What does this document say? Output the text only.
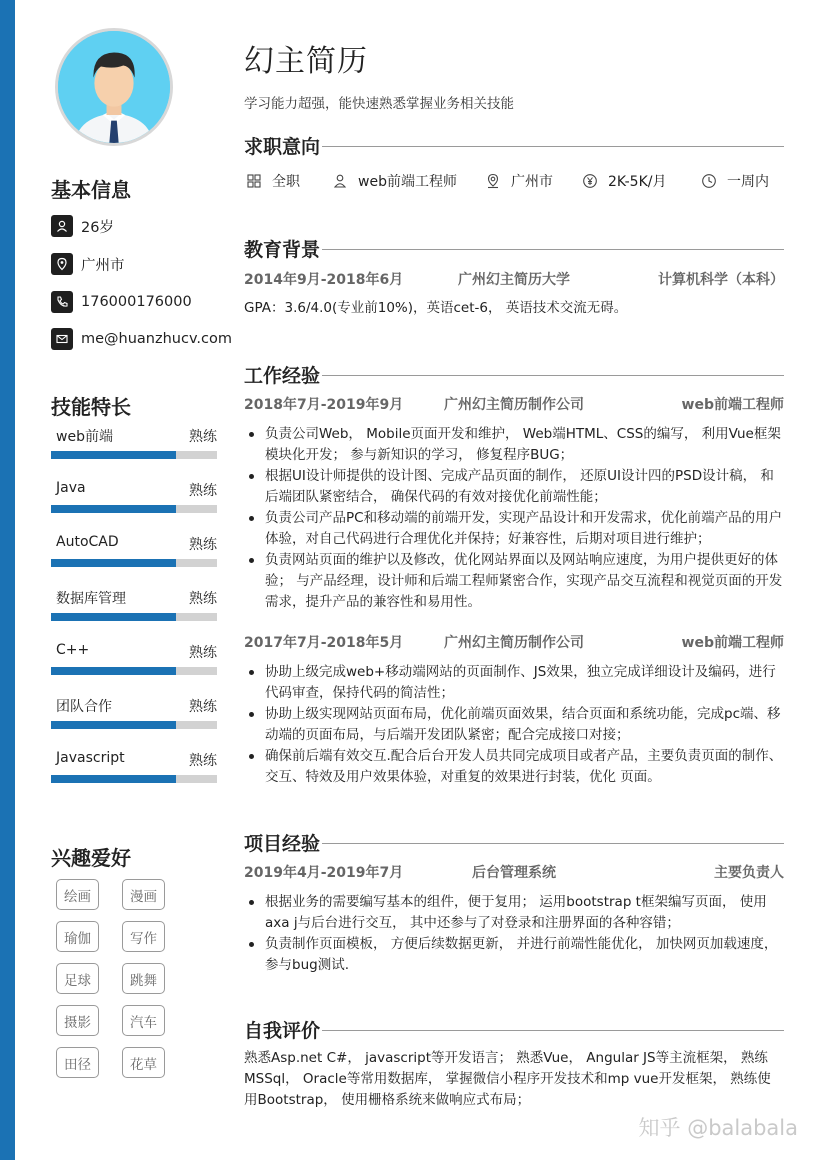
基本信息
26岁
广州市
176000176000
me@huanzhucv.com
技能特长
web前端	熟练
Java	熟练
AutoCAD	熟练
数据库管理	熟练
C++	熟练
团队合作	熟练
Javascript	熟练
兴趣爱好
绘画	漫画
瑜伽	写作
足球	跳舞
摄影	汽车
田径	花草
幻主简历
学习能力超强，能快速熟悉掌握业务相关技能
求职意向
全职	web前端工程师	广州市	2K-5K/月	一周内
教育背景
2014年9月-2018年6月	广州幻主简历大学	计算机科学（本科）
GPA：3.6/4.0(专业前10%)，英语cet-6， 英语技术交流无碍。
工作经验
2018年7月-2019年9月	广州幻主简历制作公司	web前端工程师
负责公司Web， Mobile页面开发和维护， Web端HTML、CSS的编写， 利用Vue框架模块化开发； 参与新知识的学习， 修复程序BUG；
根据UI设计师提供的设计图、完成产品页面的制作， 还原UI设计四的PSD设计稿， 和后端团队紧密结合， 确保代码的有效对接优化前端性能；
负责公司产品PC和移动端的前端开发，实现产品设计和开发需求，优化前端产品的用户体验，对自己代码进行合理优化并保持；好兼容性，后期对项目进行维护；
负责网站页面的维护以及修改，优化网站界面以及网站响应速度，为用户提供更好的体验； 与产品经理，设计师和后端工程师紧密合作，实现产品交互流程和视觉页面的开发需求，提升产品的兼容性和易用性。
2017年7月-2018年5月	广州幻主简历制作公司	web前端工程师
协助上级完成web+移动端网站的页面制作、JS效果，独立完成详细设计及编码，进行代码审查，保持代码的简洁性；
协助上级实现网站页面布局，优化前端页面效果，结合页面和系统功能，完成pc端、移动端的页面布局，与后端开发团队紧密；配合完成接口对接；
确保前后端有效交互.配合后台开发人员共同完成项目或者产品，主要负责页面的制作、交互、特效及用户效果体验，对重复的效果进行封装，优化 页面。
项目经验
2019年4月-2019年7月	后台管理系统	主要负责人
根据业务的需要编写基本的组件，便于复用； 运用bootstrap t框架编写页面， 使用axa j与后台进行交互， 其中还参与了对登录和注册界面的各种容错；
负责制作页面模板， 方便后续数据更新， 并进行前端性能优化， 加快网页加载速度， 参与bug测试.
自我评价
熟悉Asp.net C#， javascript等开发语言； 熟悉Vue， Angular JS等主流框架， 熟练MSSql， Oracle等常用数据库， 掌握微信小程序开发技术和mp vue开发框架， 熟练使用Bootstrap， 使用栅格系统来做响应式布局；
知乎 @balabala
